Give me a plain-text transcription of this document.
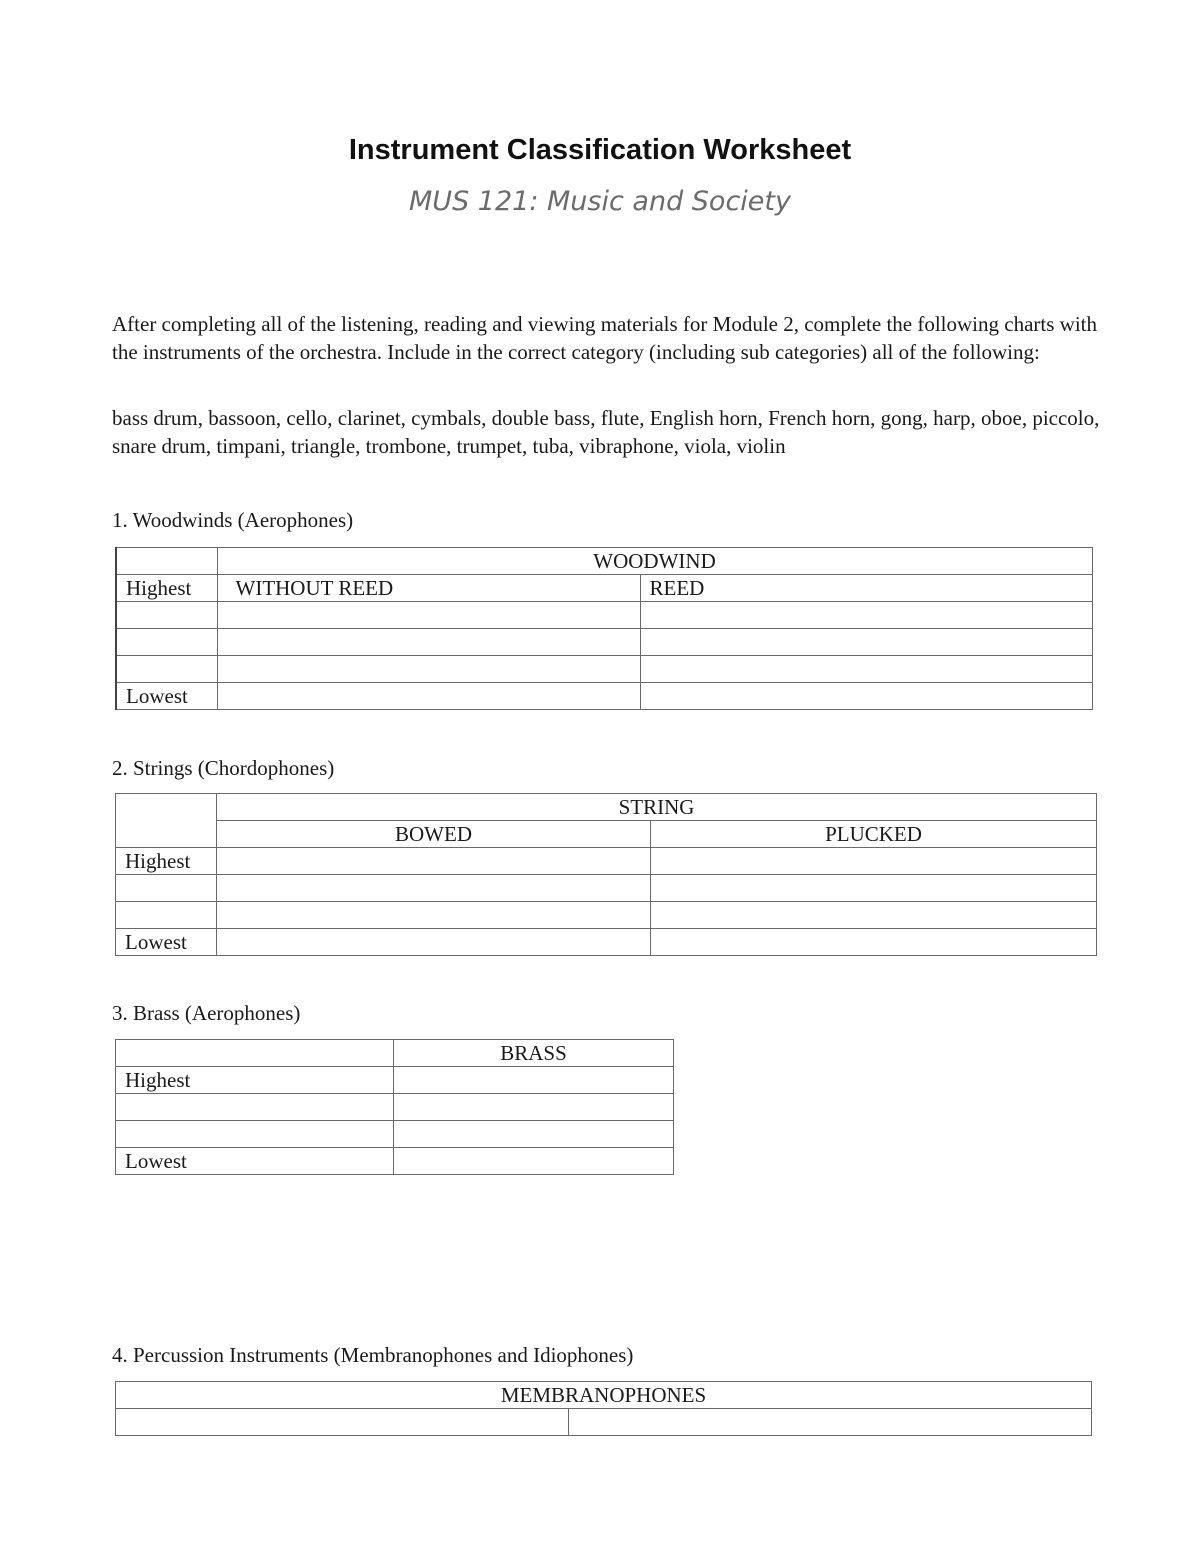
Instrument Classification Worksheet
MUS 121: Music and Society

After completing all of the listening, reading and viewing materials for Module 2, complete the following charts with the instruments of the orchestra. Include in the correct category (including sub categories) all of the following:

bass drum, bassoon, cello, clarinet, cymbals, double bass, flute, English horn, French horn, gong, harp, oboe, piccolo, snare drum, timpani, triangle, trombone, trumpet, tuba, vibraphone, viola, violin

1. Woodwinds (Aerophones)

	WOODWIND	
Highest	WITHOUT REED	REED

Lowest		

2. Strings (Chordophones)

	STRING	
	BOWED	PLUCKED
Highest		

Lowest		

3. Brass (Aerophones)

	BRASS
Highest	

Lowest	

4. Percussion Instruments (Membranophones and Idiophones)

MEMBRANOPHONES
